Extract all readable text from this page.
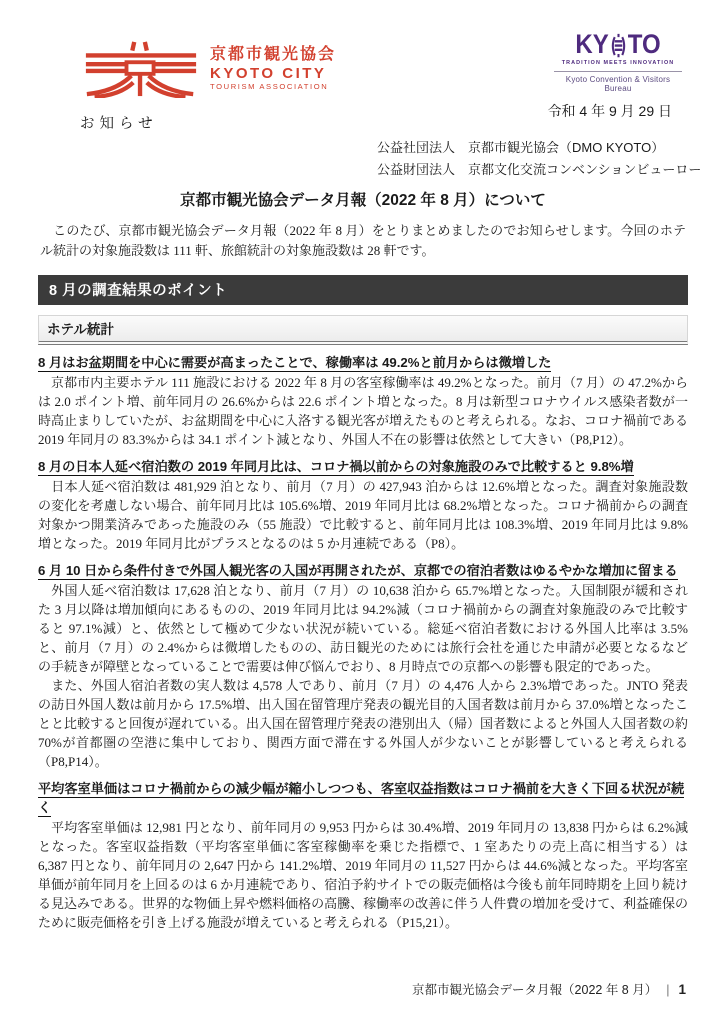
京都市観光協会
KYOTO CITY
TOURISM ASSOCIATION
KY TO
TRADITION MEETS INNOVATION
Kyoto Convention & Visitors Bureau
令和 4 年 9 月 29 日
お知らせ
公益社団法人　京都市観光協会（DMO KYOTO）
公益財団法人　京都文化交流コンベンションビューロー
京都市観光協会データ月報（2022 年 8 月）について

　このたび、京都市観光協会データ月報（2022 年 8 月）をとりまとめましたのでお知らせします。今回のホテル統計の対象施設数は 111 軒、旅館統計の対象施設数は 28 軒です。

8 月の調査結果のポイント
ホテル統計
8 月はお盆期間を中心に需要が高まったことで、稼働率は 49.2%と前月からは微増した

　京都市内主要ホテル 111 施設における 2022 年 8 月の客室稼働率は 49.2%となった。前月（7 月）の 47.2%からは 2.0 ポイント増、前年同月の 26.6%からは 22.6 ポイント増となった。8 月は新型コロナウイルス感染者数が一時高止まりしていたが、お盆期間を中心に入洛する観光客が増えたものと考えられる。なお、コロナ禍前である 2019 年同月の 83.3%からは 34.1 ポイント減となり、外国人不在の影響は依然として大きい（P8,P12）。

8 月の日本人延べ宿泊数の 2019 年同月比は、コロナ禍以前からの対象施設のみで比較すると 9.8%増

　日本人延べ宿泊数は 481,929 泊となり、前月（7 月）の 427,943 泊からは 12.6%増となった。調査対象施設数の変化を考慮しない場合、前年同月比は 105.6%増、2019 年同月比は 68.2%増となった。コロナ禍前からの調査対象かつ開業済みであった施設のみ（55 施設）で比較すると、前年同月比は 108.3%増、2019 年同月比は 9.8%増となった。2019 年同月比がプラスとなるのは 5 か月連続である（P8）。

6 月 10 日から条件付きで外国人観光客の入国が再開されたが、京都での宿泊者数はゆるやかな増加に留まる

　外国人延べ宿泊数は 17,628 泊となり、前月（7 月）の 10,638 泊から 65.7%増となった。入国制限が緩和された 3 月以降は増加傾向にあるものの、2019 年同月比は 94.2%減（コロナ禍前からの調査対象施設のみで比較すると 97.1%減）と、依然として極めて少ない状況が続いている。総延べ宿泊者数における外国人比率は 3.5%と、前月（7 月）の 2.4%からは微増したものの、訪日観光のためには旅行会社を通じた申請が必要となるなどの手続きが障壁となっていることで需要は伸び悩んでおり、8 月時点での京都への影響も限定的であった。

　また、外国人宿泊者数の実人数は 4,578 人であり、前月（7 月）の 4,476 人から 2.3%増であった。JNTO 発表の訪日外国人数は前月から 17.5%増、出入国在留管理庁発表の観光目的入国者数は前月から 37.0%増となったことと比較すると回復が遅れている。出入国在留管理庁発表の港別出入（帰）国者数によると外国人入国者数の約 70%が首都圏の空港に集中しており、関西方面で滞在する外国人が少ないことが影響していると考えられる（P8,P14）。

平均客室単価はコロナ禍前からの減少幅が縮小しつつも、客室収益指数はコロナ禍前を大きく下回る状況が続く

　平均客室単価は 12,981 円となり、前年同月の 9,953 円からは 30.4%増、2019 年同月の 13,838 円からは 6.2%減となった。客室収益指数（平均客室単価に客室稼働率を乗じた指標で、1 室あたりの売上高に相当する）は 6,387 円となり、前年同月の 2,647 円から 141.2%増、2019 年同月の 11,527 円からは 44.6%減となった。平均客室単価が前年同月を上回るのは 6 か月連続であり、宿泊予約サイトでの販売価格は今後も前年同時期を上回り続ける見込みである。世界的な物価上昇や燃料価格の高騰、稼働率の改善に伴う人件費の増加を受けて、利益確保のために販売価格を引き上げる施設が増えていると考えられる（P15,21）。

京都市観光協会データ月報（2022 年 8 月） | 1
